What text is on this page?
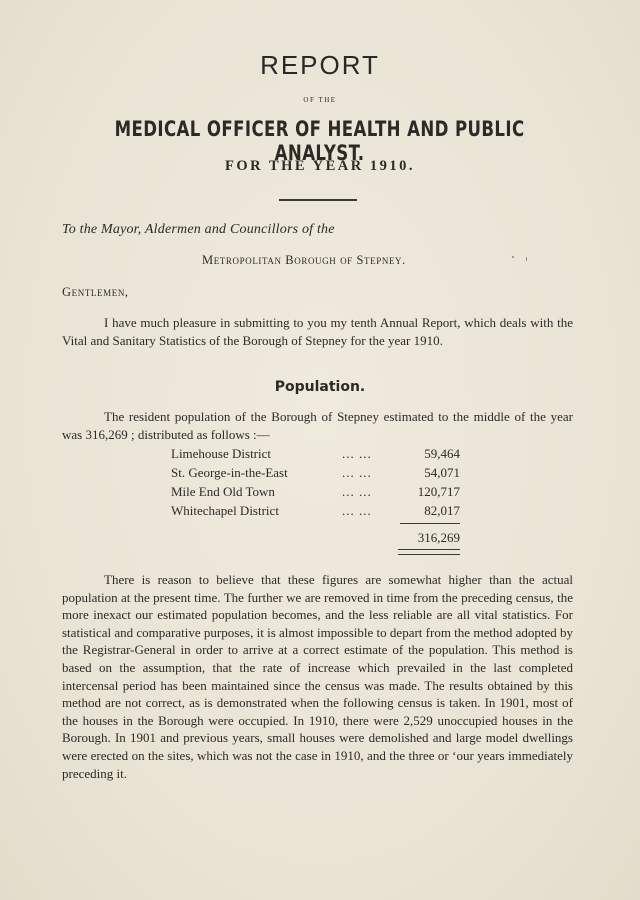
REPORT
OF THE
MEDICAL OFFICER OF HEALTH AND PUBLIC ANALYST.
FOR THE YEAR 1910.
To the Mayor, Aldermen and Councillors of the
Metropolitan Borough of Stepney.
Gentlemen,
I have much pleasure in submitting to you my tenth Annual Report, which deals with the Vital and Sanitary Statistics of the Borough of Stepney for the year 1910.
Population.
The resident population of the Borough of Stepney estimated to the middle of the year was 316,269 ; distributed as follows :—
Limehouse District	... ...	59,464
St. George-in-the-East	... ...	54,071
Mile End Old Town	... ...	120,717
Whitechapel District	... ...	82,017
316,269
There is reason to believe that these figures are somewhat higher than the actual population at the present time. The further we are removed in time from the preceding census, the more inexact our estimated population becomes, and the less reliable are all vital statistics. For statistical and comparative purposes, it is almost impossible to depart from the method adopted by the Registrar-General in order to arrive at a correct estimate of the population. This method is based on the assumption, that the rate of increase which prevailed in the last completed intercensal period has been maintained since the census was made. The results obtained by this method are not correct, as is demonstrated when the following census is taken. In 1901, most of the houses in the Borough were occupied. In 1910, there were 2,529 unoccupied houses in the Borough. In 1901 and previous years, small houses were demolished and large model dwellings were erected on the sites, which was not the case in 1910, and the three or ‘our years immediately preceding it.
